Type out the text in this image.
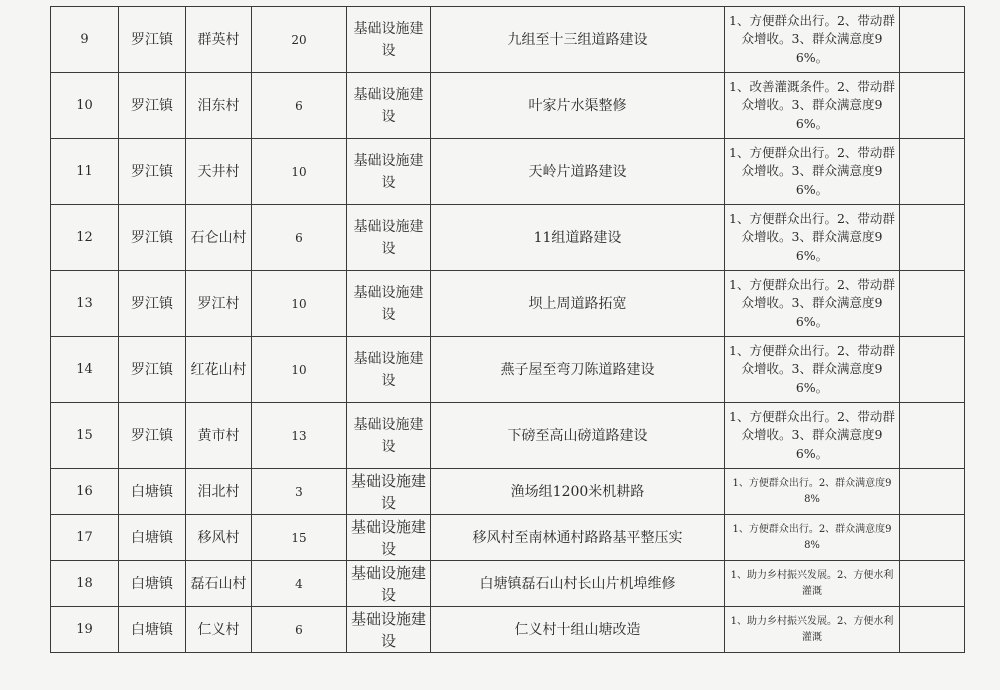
9	罗江镇	群英村	20	基础设施建设	九组至十三组道路建设	1、方便群众出行。2、带动群众增收。3、群众满意度96%。	
10	罗江镇	泪东村	6	基础设施建设	叶家片水渠整修	1、改善灌溉条件。2、带动群众增收。3、群众满意度96%。	
11	罗江镇	天井村	10	基础设施建设	天岭片道路建设	1、方便群众出行。2、带动群众增收。3、群众满意度96%。	
12	罗江镇	石仑山村	6	基础设施建设	11组道路建设	1、方便群众出行。2、带动群众增收。3、群众满意度96%。	
13	罗江镇	罗江村	10	基础设施建设	坝上周道路拓宽	1、方便群众出行。2、带动群众增收。3、群众满意度96%。	
14	罗江镇	红花山村	10	基础设施建设	燕子屋至弯刀陈道路建设	1、方便群众出行。2、带动群众增收。3、群众满意度96%。	
15	罗江镇	黄市村	13	基础设施建设	下磅至高山磅道路建设	1、方便群众出行。2、带动群众增收。3、群众满意度96%。	
16	白塘镇	泪北村	3	基础设施建设	渔场组1200米机耕路	1、方便群众出行。2、群众满意度98%	
17	白塘镇	移风村	15	基础设施建设	移风村至南林通村路路基平整压实	1、方便群众出行。2、群众满意度98%	
18	白塘镇	磊石山村	4	基础设施建设	白塘镇磊石山村长山片机埠维修	1、助力乡村振兴发展。2、方便水利灌溉	
19	白塘镇	仁义村	6	基础设施建设	仁义村十组山塘改造	1、助力乡村振兴发展。2、方便水利灌溉	
